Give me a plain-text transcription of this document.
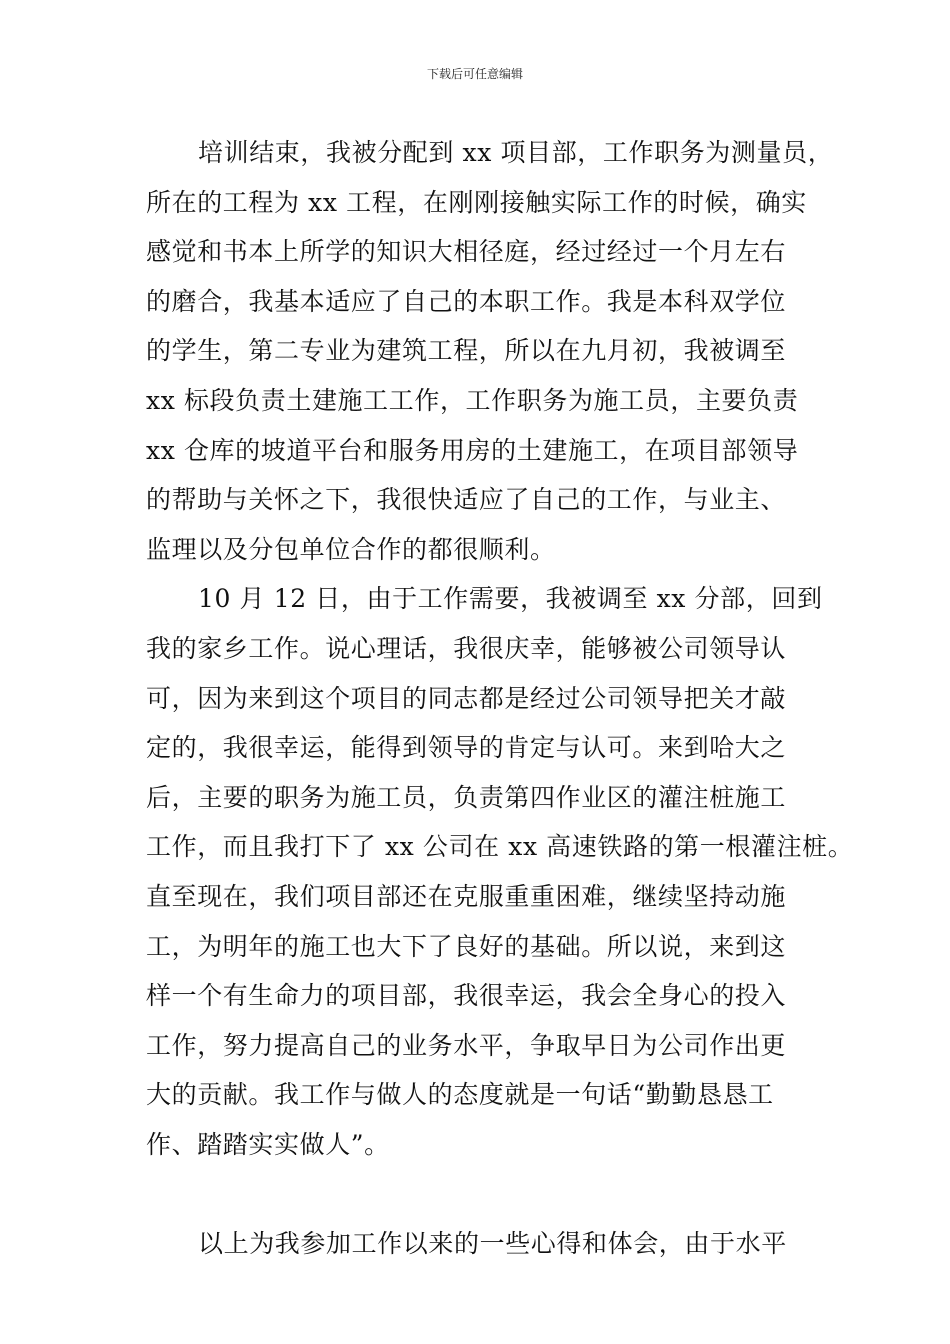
下载后可任意编辑
培训结束，我被分配到 xx 项目部，工作职务为测量员，
所在的工程为 xx 工程，在刚刚接触实际工作的时候，确实
感觉和书本上所学的知识大相径庭，经过经过一个月左右
的磨合，我基本适应了自己的本职工作。我是本科双学位
的学生，第二专业为建筑工程，所以在九月初，我被调至
xx 标段负责土建施工工作，工作职务为施工员，主要负责
xx 仓库的坡道平台和服务用房的土建施工，在项目部领导
的帮助与关怀之下，我很快适应了自己的工作，与业主、
监理以及分包单位合作的都很顺利。
10 月 12 日，由于工作需要，我被调至 xx 分部，回到
我的家乡工作。说心理话，我很庆幸，能够被公司领导认
可，因为来到这个项目的同志都是经过公司领导把关才敲
定的，我很幸运，能得到领导的肯定与认可。来到哈大之
后，主要的职务为施工员，负责第四作业区的灌注桩施工
工作，而且我打下了 xx 公司在 xx 高速铁路的第一根灌注桩。
直至现在，我们项目部还在克服重重困难，继续坚持动施
工，为明年的施工也大下了良好的基础。所以说，来到这
样一个有生命力的项目部，我很幸运，我会全身心的投入
工作，努力提高自己的业务水平，争取早日为公司作出更
大的贡献。我工作与做人的态度就是一句话“勤勤恳恳工
作、踏踏实实做人”。
以上为我参加工作以来的一些心得和体会，由于水平
